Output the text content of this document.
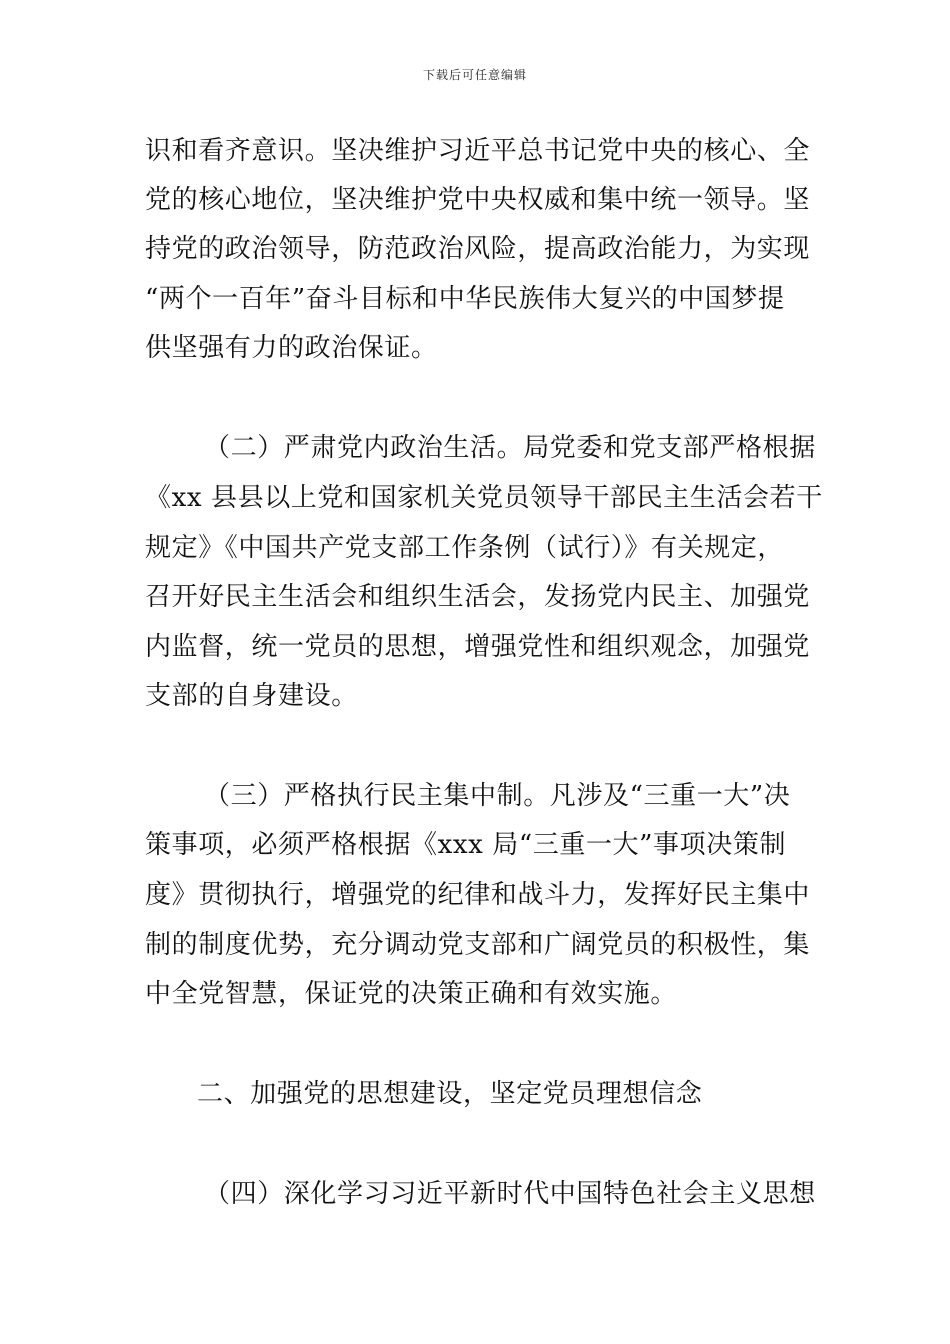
下载后可任意编辑
识和看齐意识。坚决维护习近平总书记党中央的核心、全
党的核心地位，坚决维护党中央权威和集中统一领导。坚
持党的政治领导，防范政治风险，提高政治能力，为实现
“两个一百年”奋斗目标和中华民族伟大复兴的中国梦提
供坚强有力的政治保证。
（二）严肃党内政治生活。局党委和党支部严格根据
《xx 县县以上党和国家机关党员领导干部民主生活会若干
规定》《中国共产党支部工作条例（试行）》有关规定，
召开好民主生活会和组织生活会，发扬党内民主、加强党
内监督，统一党员的思想，增强党性和组织观念，加强党
支部的自身建设。
（三）严格执行民主集中制。凡涉及“三重一大”决
策事项，必须严格根据《xxx 局“三重一大”事项决策制
度》贯彻执行，增强党的纪律和战斗力，发挥好民主集中
制的制度优势，充分调动党支部和广阔党员的积极性，集
中全党智慧，保证党的决策正确和有效实施。
二、加强党的思想建设，坚定党员理想信念
（四）深化学习习近平新时代中国特色社会主义思想
